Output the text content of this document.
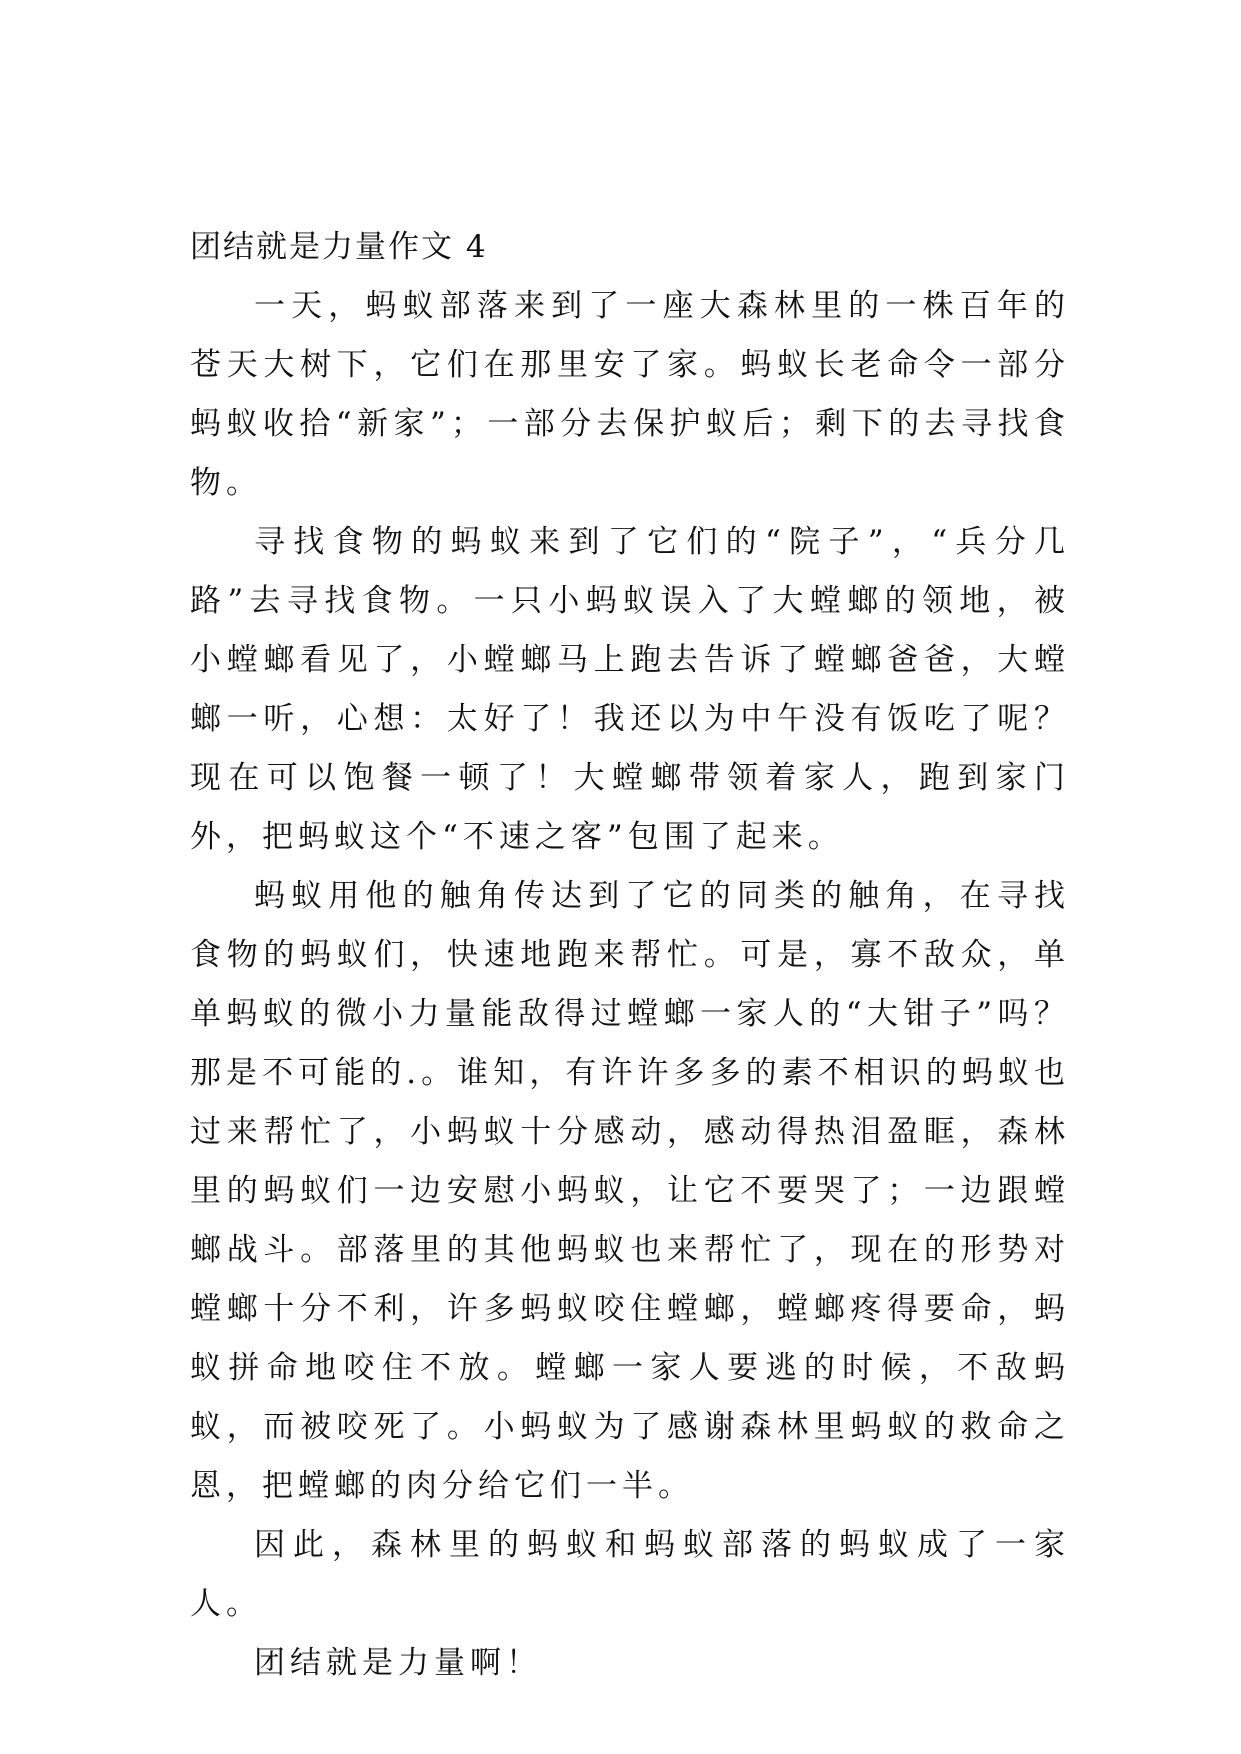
团结就是力量作文 4

一天，蚂蚁部落来到了一座大森林里的一株百年的苍天大树下，它们在那里安了家。蚂蚁长老命令一部分蚂蚁收拾“新家”；一部分去保护蚁后；剩下的去寻找食物。

寻找食物的蚂蚁来到了它们的“院子”，“兵分几路”去寻找食物。一只小蚂蚁误入了大螳螂的领地，被小螳螂看见了，小螳螂马上跑去告诉了螳螂爸爸，大螳螂一听，心想：太好了！我还以为中午没有饭吃了呢？现在可以饱餐一顿了！大螳螂带领着家人，跑到家门外，把蚂蚁这个“不速之客”包围了起来。

蚂蚁用他的触角传达到了它的同类的触角，在寻找食物的蚂蚁们，快速地跑来帮忙。可是，寡不敌众，单单蚂蚁的微小力量能敌得过螳螂一家人的“大钳子”吗？那是不可能的.。谁知，有许许多多的素不相识的蚂蚁也过来帮忙了，小蚂蚁十分感动，感动得热泪盈眶，森林里的蚂蚁们一边安慰小蚂蚁，让它不要哭了；一边跟螳螂战斗。部落里的其他蚂蚁也来帮忙了，现在的形势对螳螂十分不利，许多蚂蚁咬住螳螂，螳螂疼得要命，蚂蚁拼命地咬住不放。螳螂一家人要逃的时候，不敌蚂蚁，而被咬死了。小蚂蚁为了感谢森林里蚂蚁的救命之恩，把螳螂的肉分给它们一半。

因此，森林里的蚂蚁和蚂蚁部落的蚂蚁成了一家人。

团结就是力量啊！
